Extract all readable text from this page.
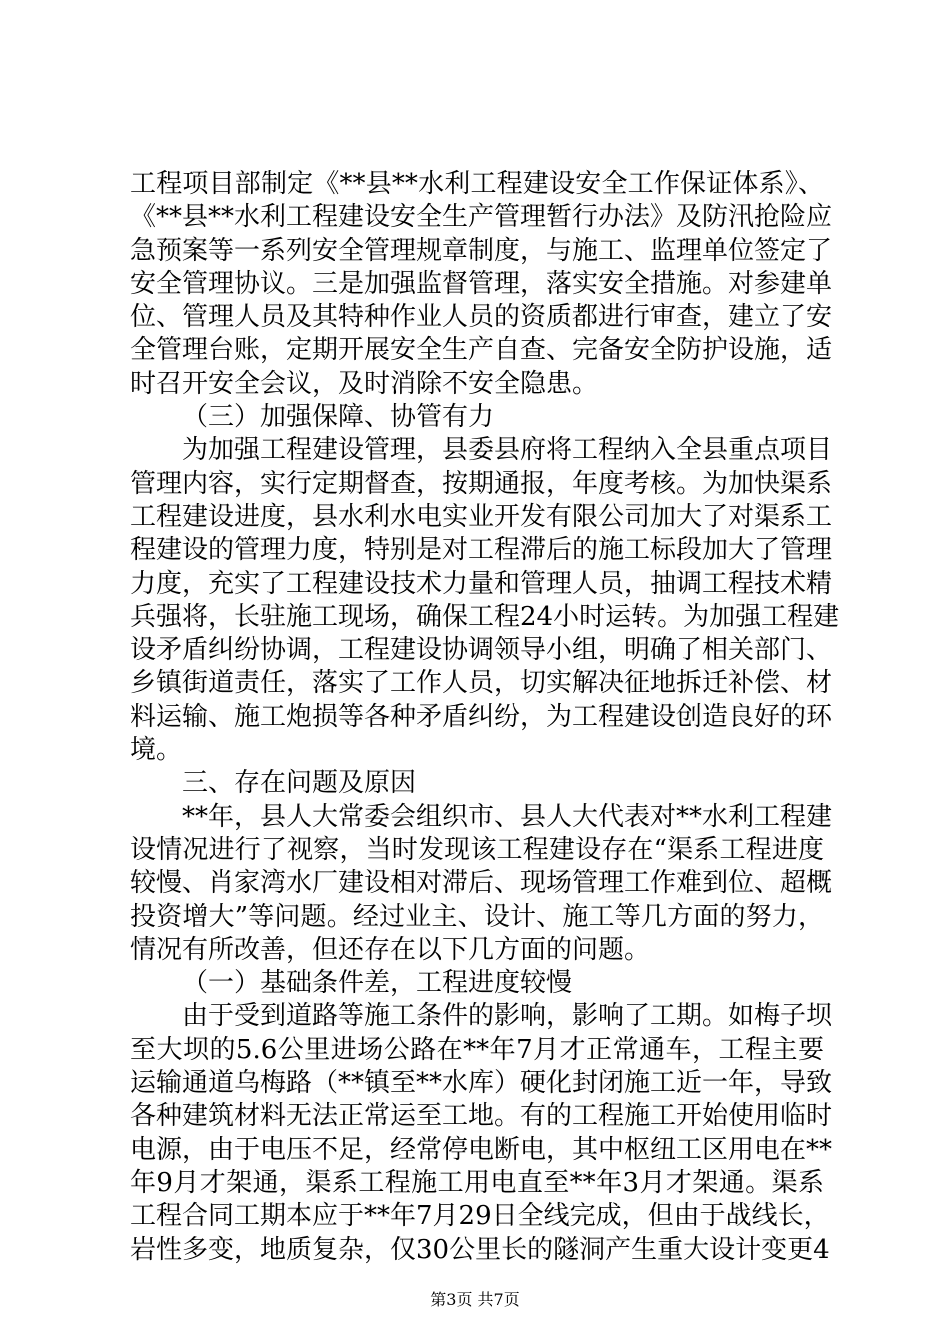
工程项目部制定《**县**水利工程建设安全工作保证体系》、
《**县**水利工程建设安全生产管理暂行办法》及防汛抢险应
急预案等一系列安全管理规章制度，与施工、监理单位签定了
安全管理协议。三是加强监督管理，落实安全措施。对参建单
位、管理人员及其特种作业人员的资质都进行审查，建立了安
全管理台账，定期开展安全生产自查、完备安全防护设施，适
时召开安全会议，及时消除不安全隐患。
（三）加强保障、协管有力
为加强工程建设管理，县委县府将工程纳入全县重点项目
管理内容，实行定期督查，按期通报，年度考核。为加快渠系
工程建设进度，县水利水电实业开发有限公司加大了对渠系工
程建设的管理力度，特别是对工程滞后的施工标段加大了管理
力度，充实了工程建设技术力量和管理人员，抽调工程技术精
兵强将，长驻施工现场，确保工程24小时运转。为加强工程建
设矛盾纠纷协调，工程建设协调领导小组，明确了相关部门、
乡镇街道责任，落实了工作人员，切实解决征地拆迁补偿、材
料运输、施工炮损等各种矛盾纠纷，为工程建设创造良好的环
境。
三、存在问题及原因
**年，县人大常委会组织市、县人大代表对**水利工程建
设情况进行了视察，当时发现该工程建设存在“渠系工程进度
较慢、肖家湾水厂建设相对滞后、现场管理工作难到位、超概
投资增大”等问题。经过业主、设计、施工等几方面的努力，
情况有所改善，但还存在以下几方面的问题。
（一）基础条件差，工程进度较慢
由于受到道路等施工条件的影响，影响了工期。如梅子坝
至大坝的5.6公里进场公路在**年7月才正常通车，工程主要
运输通道乌梅路（**镇至**水库）硬化封闭施工近一年，导致
各种建筑材料无法正常运至工地。有的工程施工开始使用临时
电源，由于电压不足，经常停电断电，其中枢纽工区用电在**
年9月才架通，渠系工程施工用电直至**年3月才架通。渠系
工程合同工期本应于**年7月29日全线完成，但由于战线长，
岩性多变，地质复杂，仅30公里长的隧洞产生重大设计变更4
第3页 共7页
